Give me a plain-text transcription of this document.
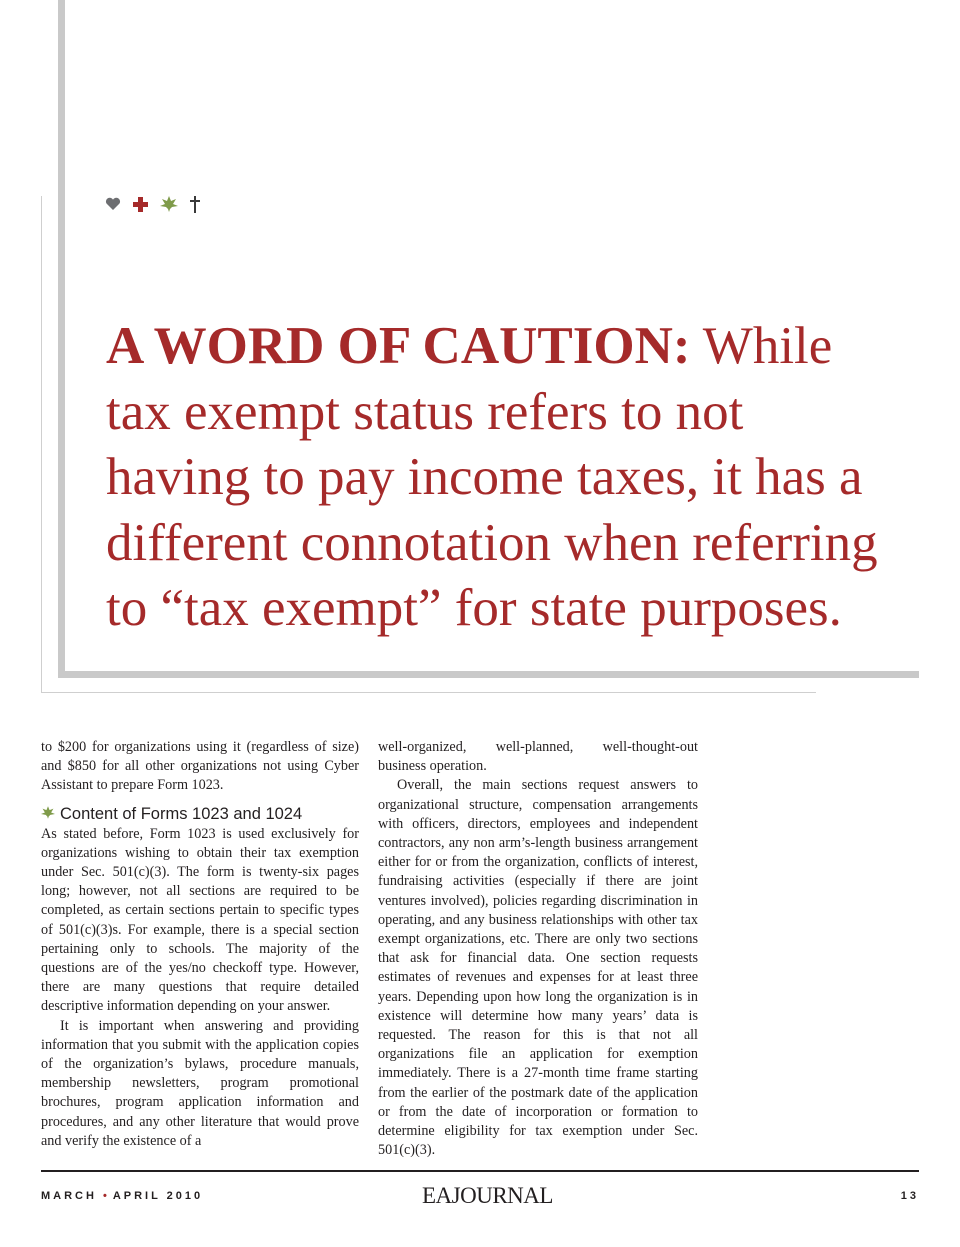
A WORD OF CAUTION: While tax exempt status refers to not having to pay income taxes, it has a different connotation when referring to “tax exempt” for state purposes.

to $200 for organizations using it (regardless of size) and $850 for all other organizations not using Cyber Assistant to prepare Form 1023.

Content of Forms 1023 and 1024

As stated before, Form 1023 is used exclusively for organizations wishing to obtain their tax exemption under Sec. 501(c)(3). The form is twenty-six pages long; however, not all sections are required to be completed, as certain sections pertain to specific types of 501(c)(3)s. For example, there is a special section pertaining only to schools. The majority of the questions are of the yes/no checkoff type. However, there are many questions that require detailed descriptive information depending on your answer.

It is important when answering and providing information that you submit with the application copies of the organization’s bylaws, procedure manuals, membership newsletters, program promotional brochures, program application information and procedures, and any other literature that would prove and verify the existence of a

well-organized, well-planned, well-thought-out business operation.

Overall, the main sections request answers to organizational structure, compensation arrangements with officers, directors, employees and independent contractors, any non arm’s-length business arrangement either for or from the organization, conflicts of interest, fundraising activities (especially if there are joint ventures involved), policies regarding discrimination in operating, and any business relationships with other tax exempt organizations, etc. There are only two sections that ask for financial data. One section requests estimates of revenues and expenses for at least three years. Depending upon how long the organization is in existence will determine how many years’ data is requested. The reason for this is that not all organizations file an application for exemption immediately. There is a 27-month time frame starting from the earlier of the postmark date of the application or from the date of incorporation or formation to determine eligibility for tax exemption under Sec. 501(c)(3).

MARCH • APRIL 2010	EAJOURNAL	13
